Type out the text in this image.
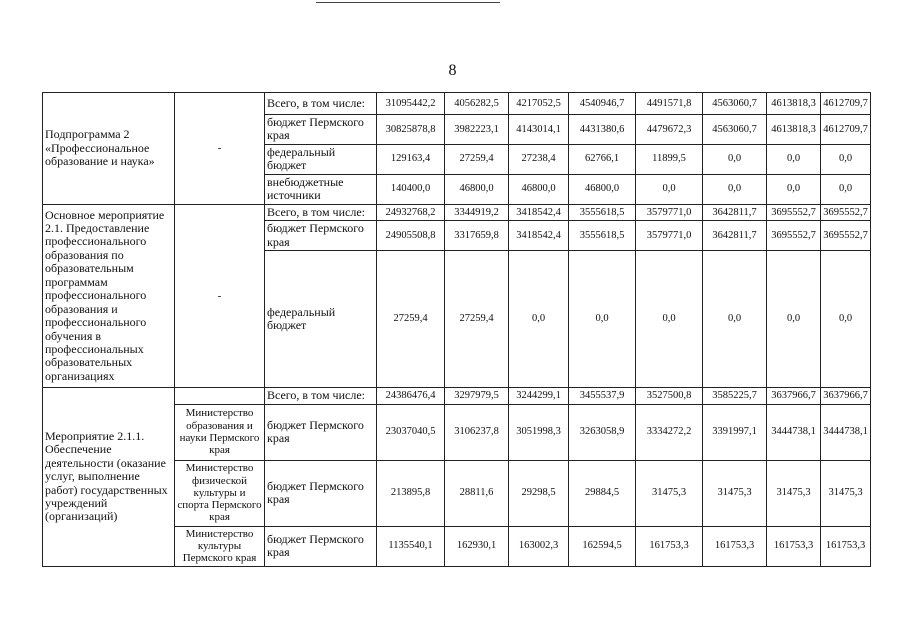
8
Подпрограмма 2 «Профессиональное образование и наука»	-	Всего, в том числе:	31095442,2	4056282,5	4217052,5	4540946,7	4491571,8	4563060,7	4613818,3	4612709,7
		бюджет Пермского края	30825878,8	3982223,1	4143014,1	4431380,6	4479672,3	4563060,7	4613818,3	4612709,7
		федеральный бюджет	129163,4	27259,4	27238,4	62766,1	11899,5	0,0	0,0	0,0
		внебюджетные источники	140400,0	46800,0	46800,0	46800,0	0,0	0,0	0,0	0,0
Основное мероприятие 2.1. Предоставление профессионального образования по образовательным программам профессионального образования и профессионального обучения в профессиональных образовательных организациях	-	Всего, в том числе:	24932768,2	3344919,2	3418542,4	3555618,5	3579771,0	3642811,7	3695552,7	3695552,7
		бюджет Пермского края	24905508,8	3317659,8	3418542,4	3555618,5	3579771,0	3642811,7	3695552,7	3695552,7
		федеральный бюджет	27259,4	27259,4	0,0	0,0	0,0	0,0	0,0	0,0
Мероприятие 2.1.1. Обеспечение деятельности (оказание услуг, выполнение работ) государственных учреждений (организаций)		Всего, в том числе:	24386476,4	3297979,5	3244299,1	3455537,9	3527500,8	3585225,7	3637966,7	3637966,7
	Министерство образования и науки Пермского края	бюджет Пермского края	23037040,5	3106237,8	3051998,3	3263058,9	3334272,2	3391997,1	3444738,1	3444738,1
	Министерство физической культуры и спорта Пермского края	бюджет Пермского края	213895,8	28811,6	29298,5	29884,5	31475,3	31475,3	31475,3	31475,3
	Министерство культуры Пермского края	бюджет Пермского края	1135540,1	162930,1	163002,3	162594,5	161753,3	161753,3	161753,3	161753,3
